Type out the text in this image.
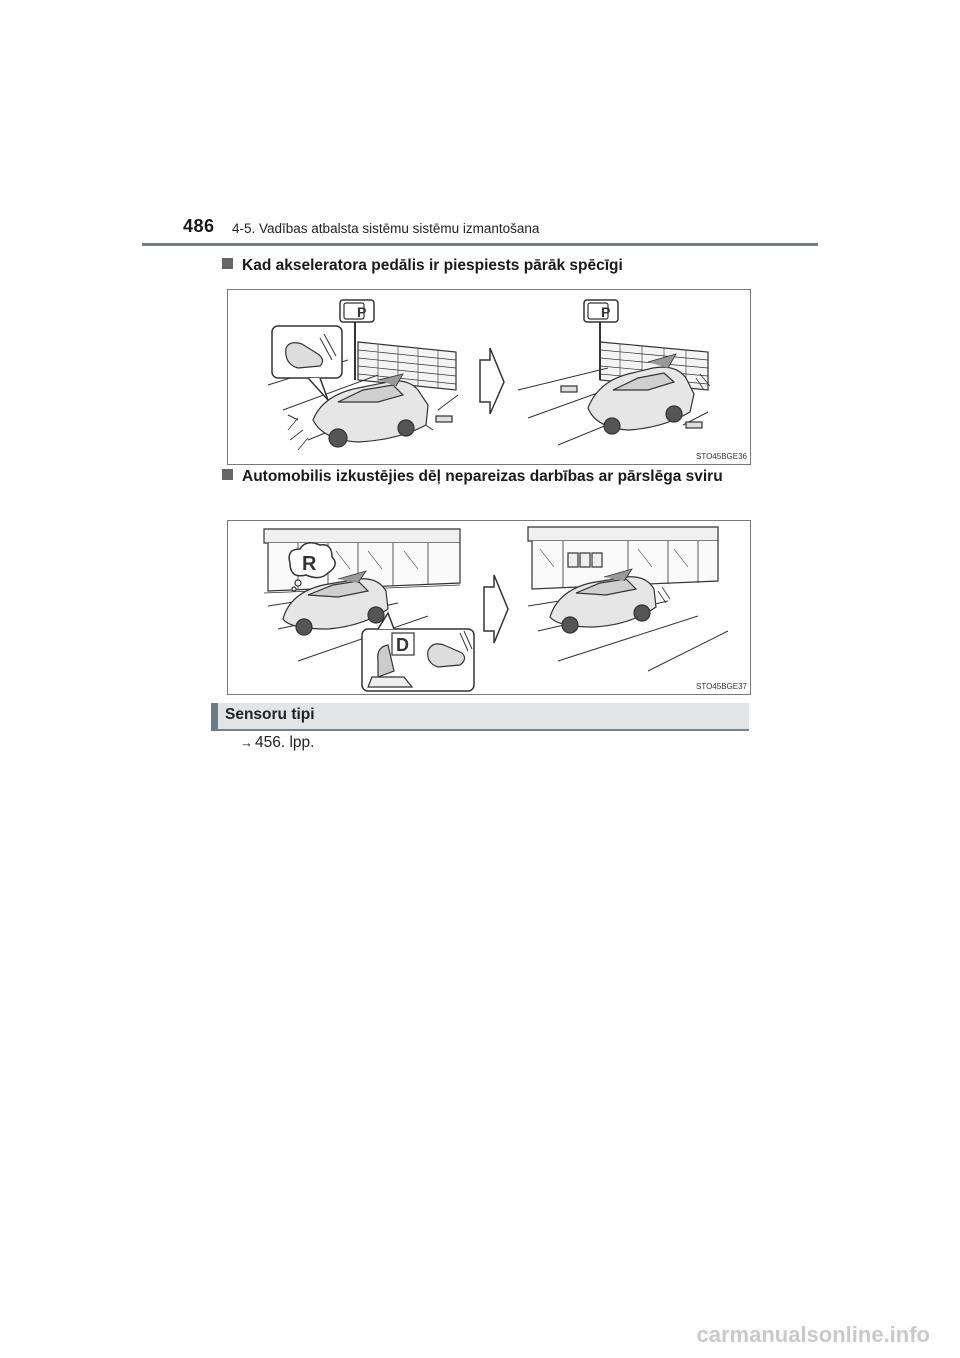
486 4-5. Vadības atbalsta sistēmu sistēmu izmantošana
Kad akseleratora pedālis ir piespiests pārāk spēcīgi
P	P
STO45BGE36
Automobilis izkustējies dēļ nepareizas darbības ar pārslēga sviru
R
D
STO45BGE37
Sensoru tipi
→ 456. lpp.
carmanualsonline.info
